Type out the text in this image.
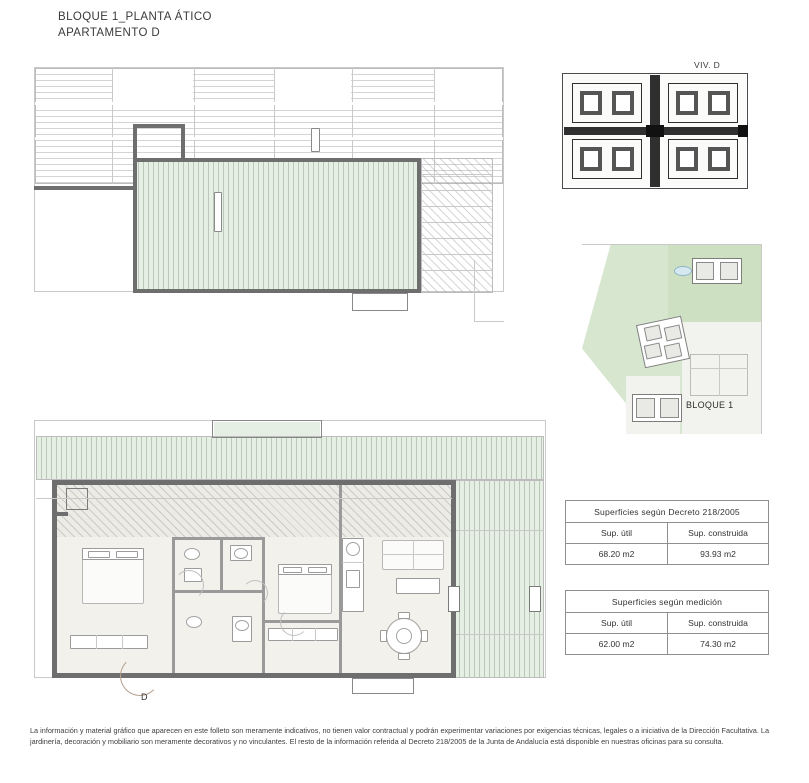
BLOQUE 1_PLANTA ÁTICO
APARTAMENTO D
VIV. D
BLOQUE 1
D
Superficies según Decreto 218/2005
Sup. útil	Sup. construida
68.20 m2	93.93 m2
Superficies según medición
Sup. útil	Sup. construida
62.00 m2	74.30 m2
La información y material gráfico que aparecen en este folleto son meramente indicativos, no tienen valor contractual y podrán experimentar variaciones por exigencias técnicas, legales o a iniciativa de la Dirección Facultativa. La jardinería, decoración y mobiliario son meramente decorativos y no vinculantes. El resto de la información referida al Decreto 218/2005 de la Junta de Andalucía está disponible en nuestras oficinas para su consulta.
